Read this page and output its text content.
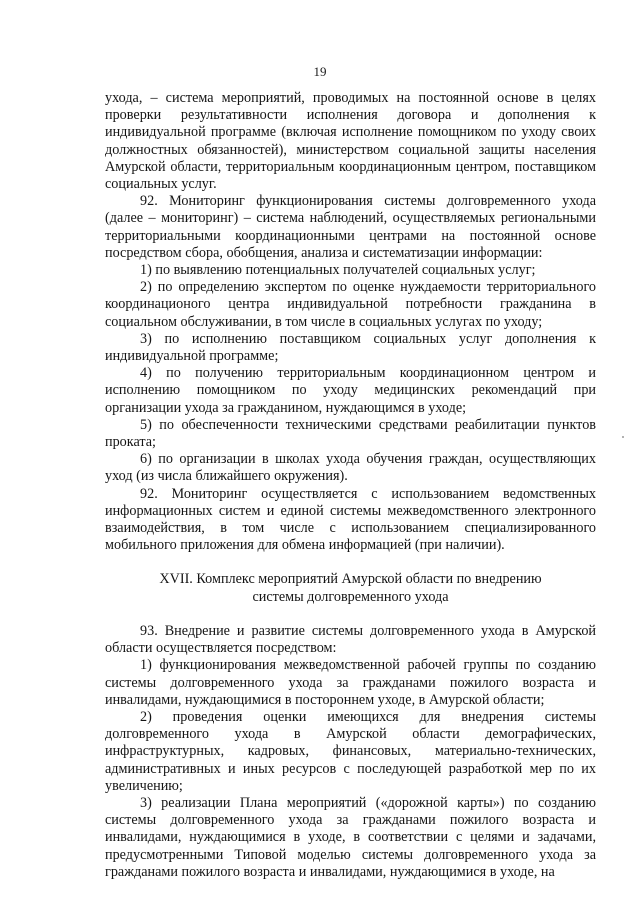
19

ухода, – система мероприятий, проводимых на постоянной основе в целях проверки результативности исполнения договора и дополнения к индивидуальной программе (включая исполнение помощником по уходу своих должностных обязанностей), министерством социальной защиты населения Амурской области, территориальным координационным центром, поставщиком социальных услуг.

92. Мониторинг функционирования системы долговременного ухода (далее – мониторинг) – система наблюдений, осуществляемых региональными территориальными координационными центрами на постоянной основе посредством сбора, обобщения, анализа и систематизации информации:

1) по выявлению потенциальных получателей социальных услуг;

2) по определению экспертом по оценке нуждаемости территориального координационого центра индивидуальной потребности гражданина в социальном обслуживании, в том числе в социальных услугах по уходу;

3) по исполнению поставщиком социальных услуг дополнения к индивидуальной программе;

4) по получению территориальным координационном центром и исполнению помощником по уходу медицинских рекомендаций при организации ухода за гражданином, нуждающимся в уходе;

5) по обеспеченности техническими средствами реабилитации пунктов проката;

6) по организации в школах ухода обучения граждан, осуществляющих уход (из числа ближайшего окружения).

92. Мониторинг осуществляется с использованием ведомственных информационных систем и единой системы межведомственного электронного взаимодействия, в том числе с использованием специализированного мобильного приложения для обмена информацией (при наличии).

XVII. Комплекс мероприятий Амурской области по внедрению
системы долговременного ухода

93. Внедрение и развитие системы долговременного ухода в Амурской области осуществляется посредством:

1) функционирования межведомственной рабочей группы по созданию системы долговременного ухода за гражданами пожилого возраста и инвалидами, нуждающимися в постороннем уходе, в Амурской области;

2) проведения оценки имеющихся для внедрения системы долговременного ухода в Амурской области демографических, инфраструктурных, кадровых, финансовых, материально-технических, административных и иных ресурсов с последующей разработкой мер по их увеличению;

3) реализации Плана мероприятий («дорожной карты») по созданию системы долговременного ухода за гражданами пожилого возраста и инвалидами, нуждающимися в уходе, в соответствии с целями и задачами, предусмотренными Типовой моделью системы долговременного ухода за гражданами пожилого возраста и инвалидами, нуждающимися в уходе, на
